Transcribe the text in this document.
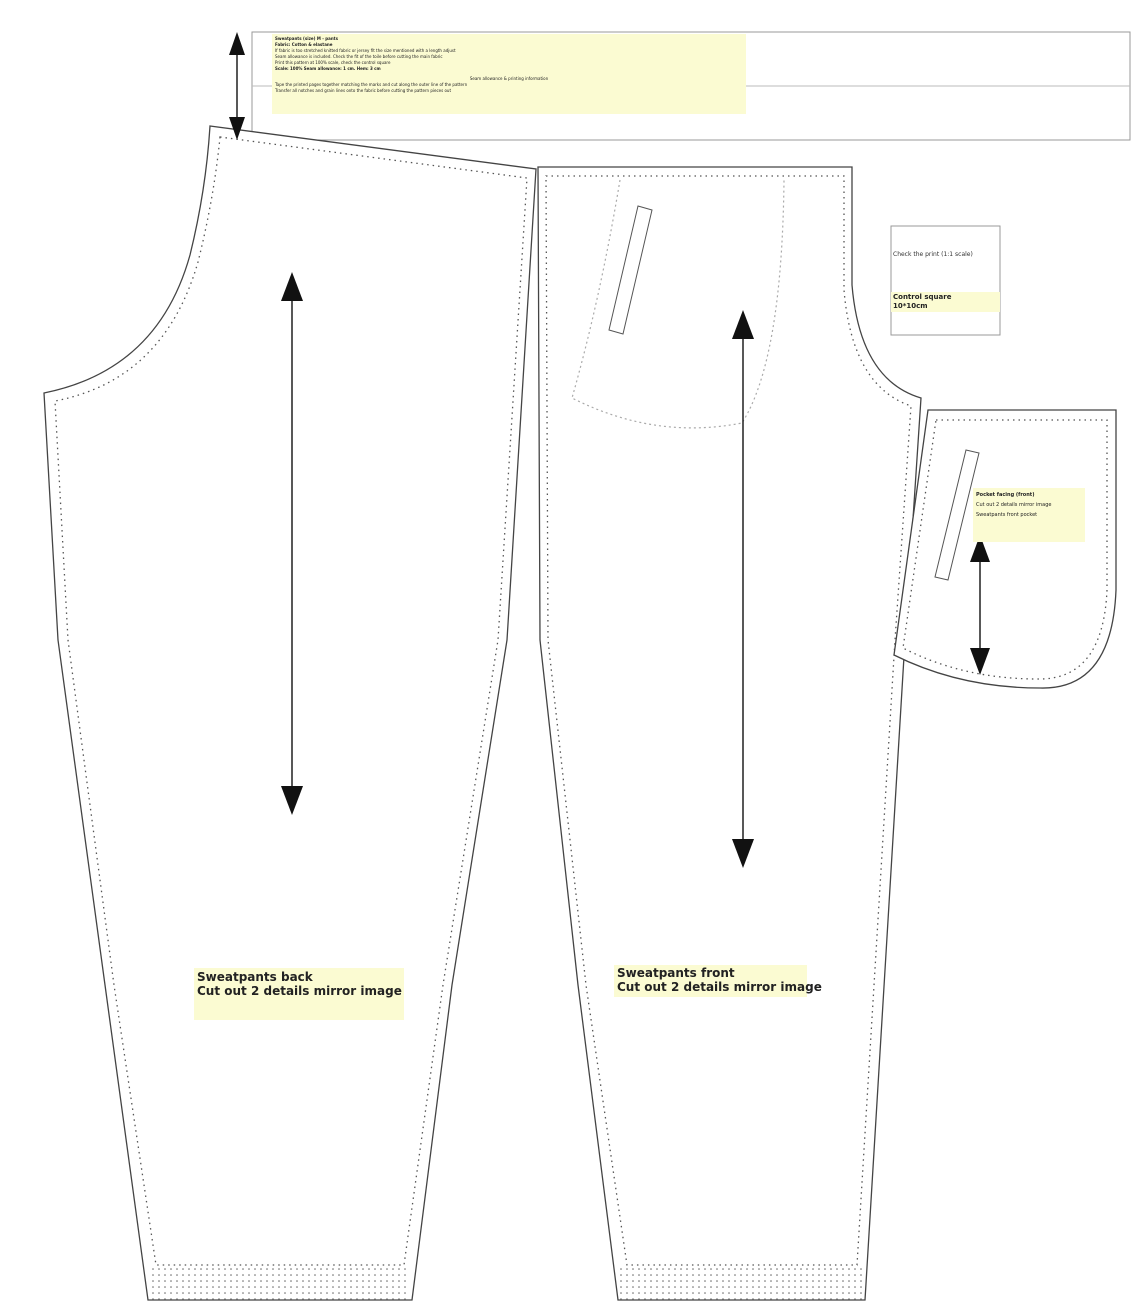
Sweatpants (size) M - pants
Fabric: Cotton & elastane
If fabric is too stretched knitted fabric or jersey fit the size mentioned with a length adjust
Seam allowance is included. Check the fit of the toile before cutting the main fabric
Print this pattern at 100% scale, check the control square
Scale: 100% Seam allowance: 1 cm. Hem: 3 cm
Seam allowance & printing information
Tape the printed pages together matching the marks and cut along the outer line of the pattern
Transfer all notches and grain lines onto the fabric before cutting the pattern pieces out
Check the print (1:1 scale)
Control square
10*10cm
Pocket facing (front)
Cut out 2 details mirror image
Sweatpants front pocket
Sweatpants back
Cut out 2 details mirror image
Sweatpants front
Cut out 2 details mirror image
